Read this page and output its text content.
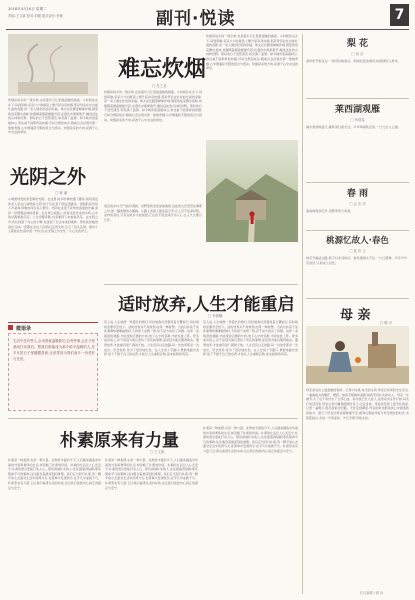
2018年4月16日 星期二
责编:王文斌 校对:刘媛 版式设计:李敏	副刊·悦读	7
炊烟是故乡的一缕乡愁,也是童年记忆里最温暖的画面。小时候住在乡下,每到傍晚,家家户户的屋顶上便升起袅袅炊烟,那是母亲在灶台前忙碌的身影,是一家人围坐吃饭的幸福。柴火在灶膛里噼啪作响,锅里的饭菜飘出香味,炊烟顺着烟囱缓缓升起,在暮色中渐渐散开,融进远处的山林和田野。那时的日子虽然清苦,却充满了温情。如今城市里高楼林立,再也看不到那样的炊烟,可每当想起故乡,眼前总会浮现出那一缕缕青烟,心中便涌起无限的思念与感动。炊烟是家的方向,是游子心中永远的牵挂。
光阴之外
□ 林 溪
小城最珍贵的是安静的光阴。在这里,时间仿佛放慢了脚步,街巷深处的老人坐在门前晒着太阳,孩子们在巷子里追逐嬉戏。清晨的菜市场人声鼎沸,傍晚的河边有人垂钓。光阴在这里不是匆匆流逝的沙漏,而是一杯慢慢品味的清茶。走在青石板路上,听着远处传来的鸟鸣,心中的浮躁渐渐沉淀。人生需要奔跑,也需要停下来看看风景。在光阴之外,我们找到了内心的宁静,也找到了生活本来的模样。那些被忽略的美好,其实一直都在身边,只是我们走得太快,忘记了回头张望。愿每个人都能在忙碌中留一份从容,在光阴之外守住一片心灵的净土。
微语录
生活中总有些人,会用善意温暖我们;总有些事,会在不经意间打动我们。愿我们都能成为那个给予温暖的人,在平凡的日子里播撒善意,让世界因为我们而多一份美好与光亮。
难忘炊烟
□ 苏之尧
炊烟是故乡的一缕乡愁,也是童年记忆里最温暖的画面。小时候住在乡下,每到傍晚,家家户户的屋顶上便升起袅袅炊烟,那是母亲在灶台前忙碌的身影,是一家人围坐吃饭的幸福。柴火在灶膛里噼啪作响,锅里的饭菜飘出香味,炊烟顺着烟囱缓缓升起,在暮色中渐渐散开,融进远处的山林和田野。那时的日子虽然清苦,却充满了温情。如今城市里高楼林立,再也看不到那样的炊烟,可每当想起故乡,眼前总会浮现出那一缕缕青烟,心中便涌起无限的思念与感动。炊烟是家的方向,是游子心中永远的牵挂。
炊烟是故乡的一缕乡愁,也是童年记忆里最温暖的画面。小时候住在乡下,每到傍晚,家家户户的屋顶上便升起袅袅炊烟,那是母亲在灶台前忙碌的身影,是一家人围坐吃饭的幸福。柴火在灶膛里噼啪作响,锅里的饭菜飘出香味,炊烟顺着烟囱缓缓升起,在暮色中渐渐散开,融进远处的山林和田野。那时的日子虽然清苦,却充满了温情。如今城市里高楼林立,再也看不到那样的炊烟,可每当想起故乡,眼前总会浮现出那一缕缕青烟,心中便涌起无限的思念与感动。炊烟是家的方向,是游子心中永远的牵挂。
雨后的乡村,空气格外清新。田野里的麦苗绿油油的,远处的山峦笼罩在薄雾之中,像一幅淡雅的水墨画。小路上的泥土散发着芬芳,让人忍不住深呼吸。这样的景色,只有在故乡才能看到,它总在不经意间打动人心,让人久久难以忘怀。
适时放弃,人生才能重启
□ 李晨曦
有人说,人生就像一场漫长的旅行,有时候我们需要背着行囊前行,有时候则需要学会放下。适时放弃并不是软弱,而是一种智慧。当我们执着于某件事情却屡屡碰壁时,不妨停下来想一想,是不是方向出了问题。放弃一条错误的道路,才能找到正确的方向;放下心中的包袱,才能轻装上阵。很多成功的人,并不是因为他们坚持了所有的事情,而是因为他们懂得取舍。懂得放弃,才能拥有更广阔的天地。人生没有白走的路,每一次放弃都是一次成长。学会放弃,是为了更好地出发。在人生的十字路口,勇敢地做出选择,放下不属于自己的东西,才能让人生重新启航,迎来崭新的风景。
有人说,人生就像一场漫长的旅行,有时候我们需要背着行囊前行,有时候则需要学会放下。适时放弃并不是软弱,而是一种智慧。当我们执着于某件事情却屡屡碰壁时,不妨停下来想一想,是不是方向出了问题。放弃一条错误的道路,才能找到正确的方向;放下心中的包袱,才能轻装上阵。很多成功的人,并不是因为他们坚持了所有的事情,而是因为他们懂得取舍。懂得放弃,才能拥有更广阔的天地。人生没有白走的路,每一次放弃都是一次成长。学会放弃,是为了更好地出发。在人生的十字路口,勇敢地做出选择,放下不属于自己的东西,才能让人生重新启航,迎来崭新的风景。
朴素原来有力量
□ 王文斌
朴素是一种美德,也是一种力量。在物质丰富的今天,人们越来越追求华丽的外表和奢侈的生活,却忽略了朴素的价值。朴素的生活让人心灵安宁,朴素的语言更能打动人心。那些真诚朴实的人,往往最值得信赖;那些简单平凡的事物,往往蕴含着最深刻的道理。我们应当回归朴素,用一颗平常心去面对生活中的得与失,在简单中发现快乐,在平凡中成就不凡。朴素原来有力量,它让我们看清生活的本质,也让我们找到内心真正的富足与安宁。
朴素是一种美德,也是一种力量。在物质丰富的今天,人们越来越追求华丽的外表和奢侈的生活,却忽略了朴素的价值。朴素的生活让人心灵安宁,朴素的语言更能打动人心。那些真诚朴实的人,往往最值得信赖;那些简单平凡的事物,往往蕴含着最深刻的道理。我们应当回归朴素,用一颗平常心去面对生活中的得与失,在简单中发现快乐,在平凡中成就不凡。朴素原来有力量,它让我们看清生活的本质,也让我们找到内心真正的富足与安宁。
朴素是一种美德,也是一种力量。在物质丰富的今天,人们越来越追求华丽的外表和奢侈的生活,却忽略了朴素的价值。朴素的生活让人心灵安宁,朴素的语言更能打动人心。那些真诚朴实的人,往往最值得信赖;那些简单平凡的事物,往往蕴含着最深刻的道理。我们应当回归朴素,用一颗平常心去面对生活中的得与失,在简单中发现快乐,在平凡中成就不凡。朴素原来有力量,它让我们看清生活的本质,也让我们找到内心真正的富足与安宁。
梨 花
□ 薛 治
春风吹开梨花白,一树雪色映窗台。细雨轻落香满径,故园情思入梦来。
莱西湖观雁
□ 杨德春
湖水清清映蓝天,雁阵南归掠水边。声声鸣唱秋意浓,一行行去入云烟。
春 雨
□ 孟 宪 清
春雨绵绵润无声,田野青青万象新。
桃源忆故人·春色
□ 蓝 田 玉
桃花开遍溪边路,燕子归来寻故处。春色满园关不住,一片红霞舞。年年岁岁花依旧,只是故人何处。
母 亲	□ 陈 平
母亲是这世上最温暖的称呼。记得小时候,每当我生病,母亲总是彻夜守在床边,一遍遍地为我擦汗、喂药。她的手粗糙却温暖,她的笑容朴实却动人。母亲一生操劳,为了这个家付出了全部心血。如今我已长大成人,远离家乡在外打拼,每次打电话回家,母亲总是叮嘱我照顾好自己,注意身体。母爱是世界上最无私的爱,它像一盏明灯,照亮我前行的路。无论走到哪里,母亲的牵挂都是我心中最柔软的地方。愿天下所有的母亲都健康平安,愿我们都能珍惜与母亲相处的时光,多陪陪她们,多说一声我爱你。岁月无情,母爱永恒。
栏目编辑 / 薛 治
